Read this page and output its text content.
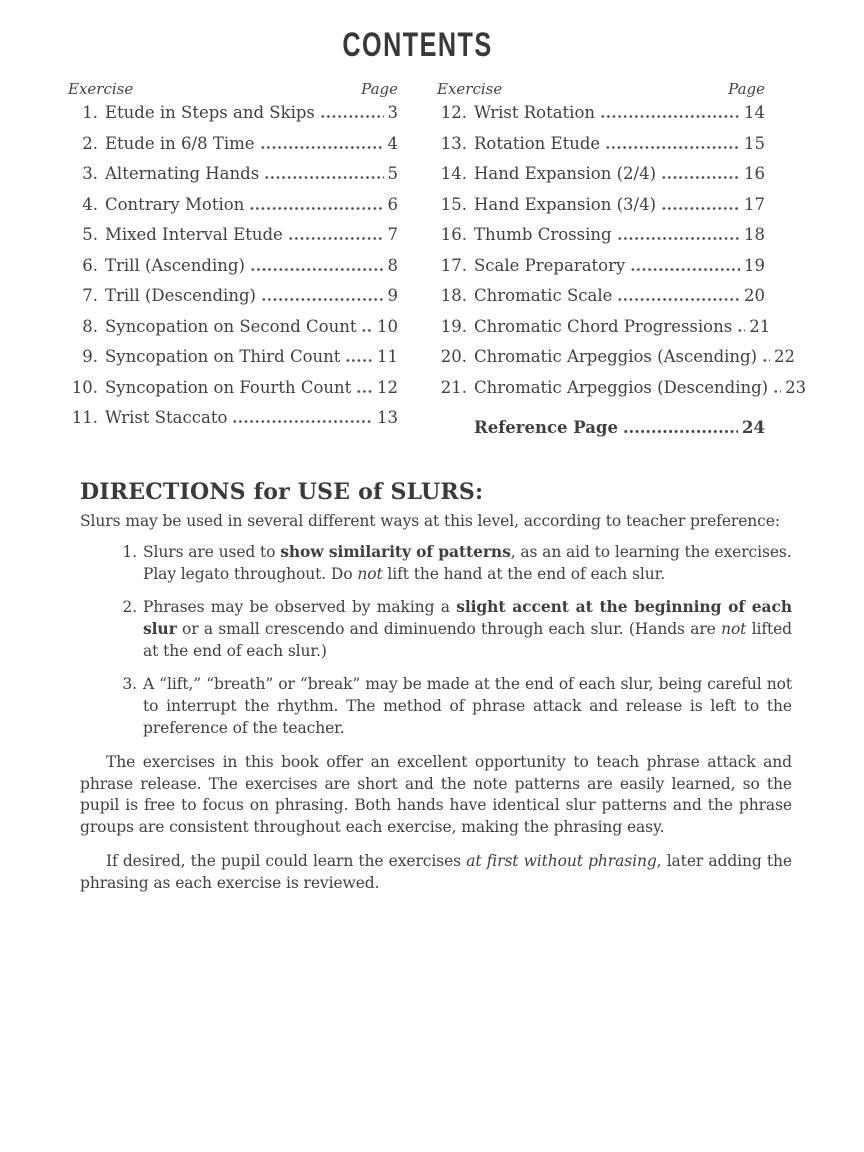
CONTENTS
Exercise	Page
1. Etude in Steps and Skips	3
2. Etude in 6/8 Time	4
3. Alternating Hands	5
4. Contrary Motion	6
5. Mixed Interval Etude	7
6. Trill (Ascending)	8
7. Trill (Descending)	9
8. Syncopation on Second Count 10
9. Syncopation on Third Count 11
10. Syncopation on Fourth Count 12
11. Wrist Staccato	13
Exercise	Page
12. Wrist Rotation	14
13. Rotation Etude	15
14. Hand Expansion (2/4)	16
15. Hand Expansion (3/4)	17
16. Thumb Crossing	18
17. Scale Preparatory	19
18. Chromatic Scale	20
19. Chromatic Chord Progressions 21
20. Chromatic Arpeggios (Ascending) 22
21. Chromatic Arpeggios (Descending) 23
Reference Page	24
DIRECTIONS for USE of SLURS:

Slurs may be used in several different ways at this level, according to teacher preference:

1. Slurs are used to show similarity of patterns, as an aid to learning the exercises.
Play legato throughout. Do not lift the hand at the end of each slur.
2. Phrases may be observed by making a slight accent at the beginning of each slur or a small crescendo and diminuendo through each slur. (Hands are not lifted at the end of each slur.)
3. A “lift,” “breath” or “break” may be made at the end of each slur, being careful not to interrupt the rhythm. The method of phrase attack and release is left to the preference of the teacher.

The exercises in this book offer an excellent opportunity to teach phrase attack and phrase release. The exercises are short and the note patterns are easily learned, so the pupil is free to focus on phrasing. Both hands have identical slur patterns and the phrase groups are consistent throughout each exercise, making the phrasing easy.

If desired, the pupil could learn the exercises at first without phrasing, later adding the phrasing as each exercise is reviewed.
